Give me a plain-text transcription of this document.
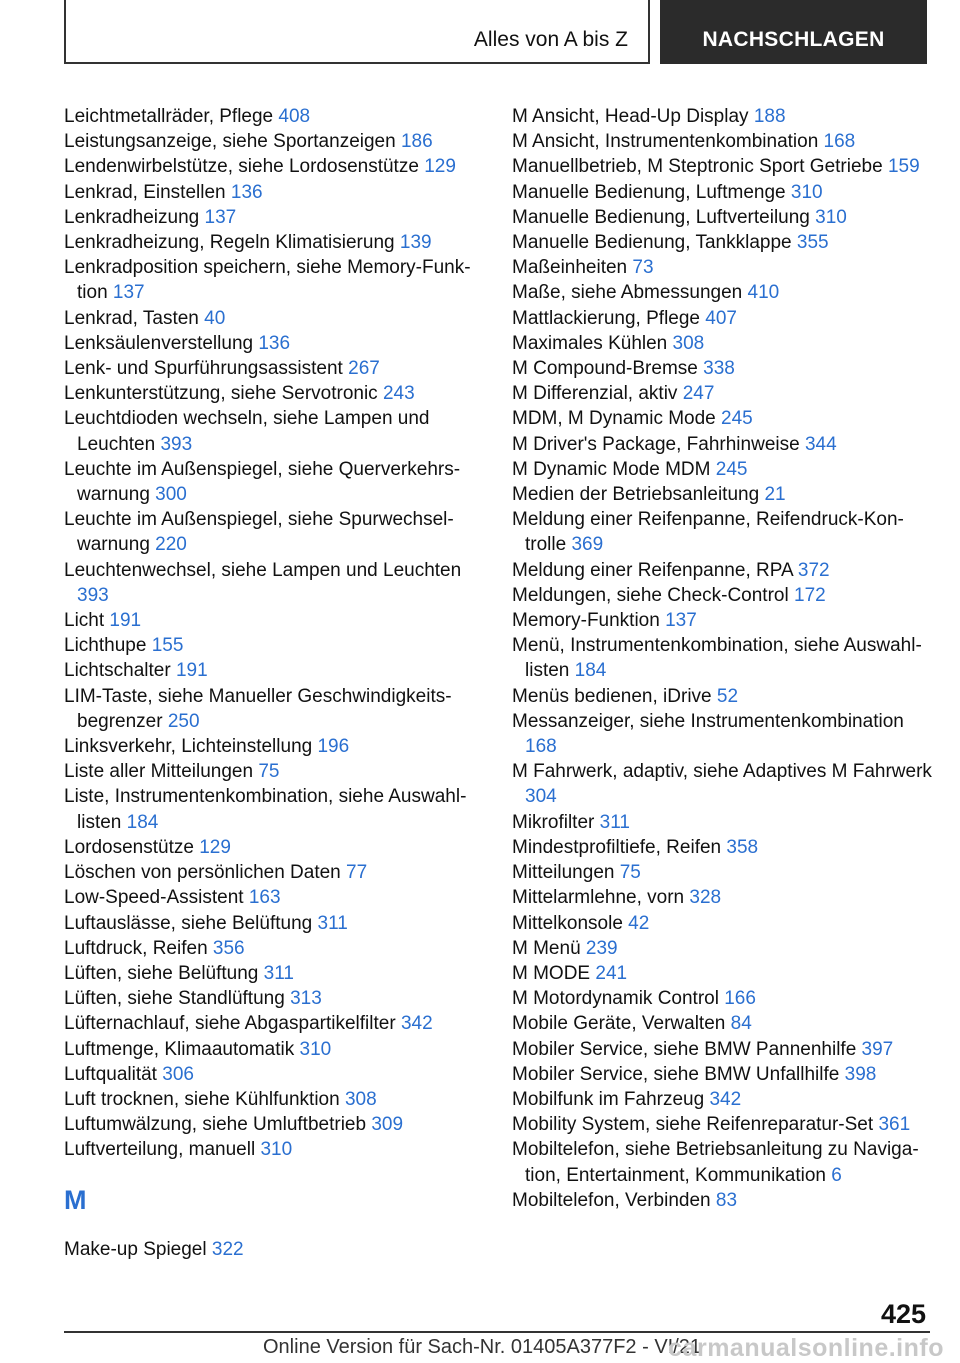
Alles von A bis Z	NACHSCHLAGEN

Leichtmetallräder, Pflege 408

Leistungsanzeige, siehe Sportanzeigen 186

Lendenwirbelstütze, siehe Lordosenstütze 129

Lenkrad, Einstellen 136

Lenkradheizung 137

Lenkradheizung, Regeln Klimatisierung 139

Lenkradposition speichern, siehe Memory-Funktion 137

Lenkrad, Tasten 40

Lenksäulenverstellung 136

Lenk- und Spurführungsassistent 267

Lenkunterstützung, siehe Servotronic 243

Leuchtdioden wechseln, siehe Lampen und Leuchten 393

Leuchte im Außenspiegel, siehe Querverkehrswarnung 300

Leuchte im Außenspiegel, siehe Spurwechselwarnung 220

Leuchtenwechsel, siehe Lampen und Leuchten 393

Licht 191

Lichthupe 155

Lichtschalter 191

LIM-Taste, siehe Manueller Geschwindigkeitsbegrenzer 250

Linksverkehr, Lichteinstellung 196

Liste aller Mitteilungen 75

Liste, Instrumentenkombination, siehe Auswahllisten 184

Lordosenstütze 129

Löschen von persönlichen Daten 77

Low-Speed-Assistent 163

Luftauslässe, siehe Belüftung 311

Luftdruck, Reifen 356

Lüften, siehe Belüftung 311

Lüften, siehe Standlüftung 313

Lüfternachlauf, siehe Abgaspartikelfilter 342

Luftmenge, Klimaautomatik 310

Luftqualität 306

Luft trocknen, siehe Kühlfunktion 308

Luftumwälzung, siehe Umluftbetrieb 309

Luftverteilung, manuell 310

M

Make-up Spiegel 322

M Ansicht, Head-Up Display 188

M Ansicht, Instrumentenkombination 168

Manuellbetrieb, M Steptronic Sport Getriebe 159

Manuelle Bedienung, Luftmenge 310

Manuelle Bedienung, Luftverteilung 310

Manuelle Bedienung, Tankklappe 355

Maßeinheiten 73

Maße, siehe Abmessungen 410

Mattlackierung, Pflege 407

Maximales Kühlen 308

M Compound-Bremse 338

M Differenzial, aktiv 247

MDM, M Dynamic Mode 245

M Driver's Package, Fahrhinweise 344

M Dynamic Mode MDM 245

Medien der Betriebsanleitung 21

Meldung einer Reifenpanne, Reifendruck-Kontrolle 369

Meldung einer Reifenpanne, RPA 372

Meldungen, siehe Check-Control 172

Memory-Funktion 137

Menü, Instrumentenkombination, siehe Auswahllisten 184

Menüs bedienen, iDrive 52

Messanzeiger, siehe Instrumentenkombination 168

M Fahrwerk, adaptiv, siehe Adaptives M Fahrwerk 304

Mikrofilter 311

Mindestprofiltiefe, Reifen 358

Mitteilungen 75

Mittelarmlehne, vorn 328

Mittelkonsole 42

M Menü 239

M MODE 241

M Motordynamik Control 166

Mobile Geräte, Verwalten 84

Mobiler Service, siehe BMW Pannenhilfe 397

Mobiler Service, siehe BMW Unfallhilfe 398

Mobilfunk im Fahrzeug 342

Mobility System, siehe Reifenreparatur-Set 361

Mobiltelefon, siehe Betriebsanleitung zu Navigation, Entertainment, Kommunikation 6

Mobiltelefon, Verbinden 83

425
Online Version für Sach-Nr. 01405A377F2 - VI/21
carmanualsonline.info
